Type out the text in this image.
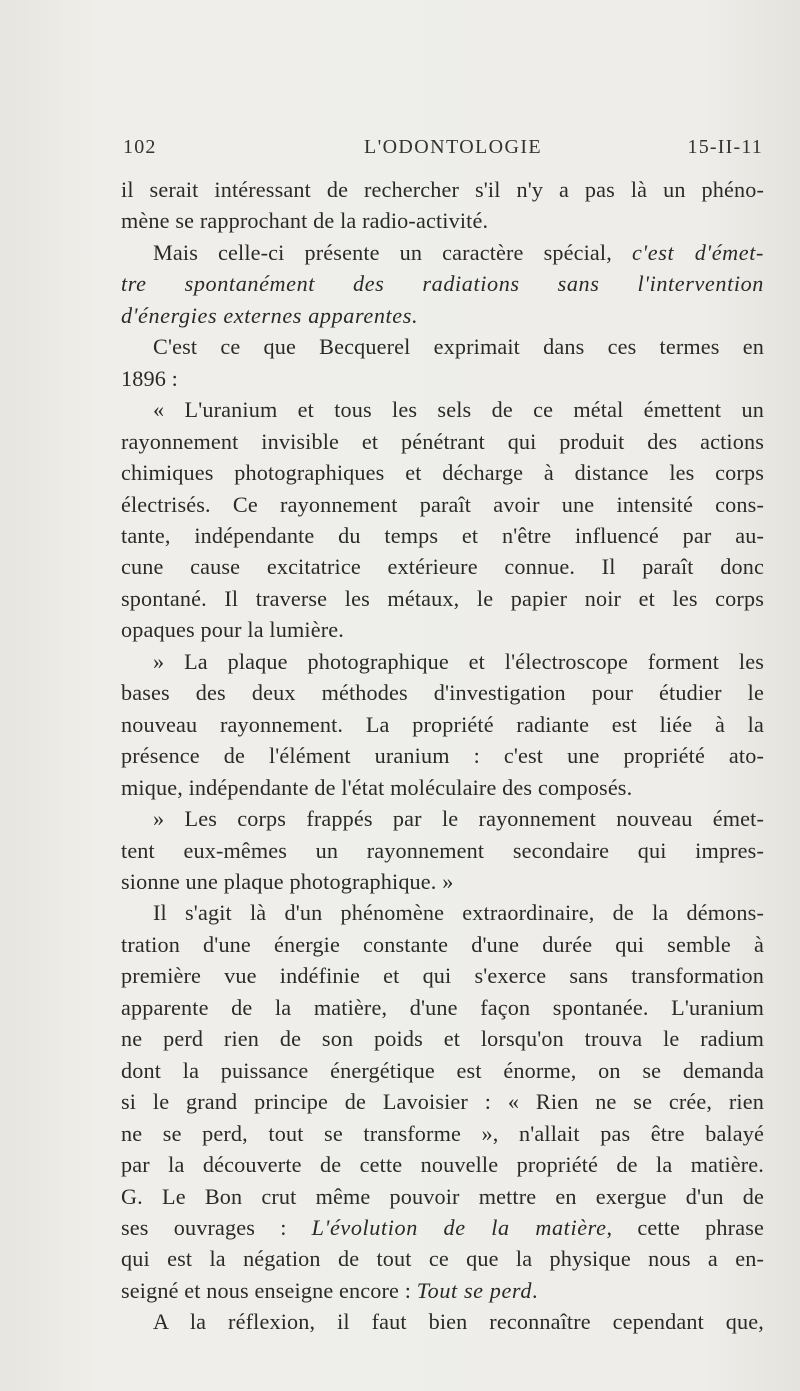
102	L'ODONTOLOGIE	15-II-11

il serait intéressant de rechercher s'il n'y a pas là un phéno-

mène se rapprochant de la radio-activité.

Mais celle-ci présente un caractère spécial, c'est d'émet-

tre spontanément des radiations sans l'intervention

d'énergies externes apparentes.

C'est ce que Becquerel exprimait dans ces termes en

1896 :

« L'uranium et tous les sels de ce métal émettent un

rayonnement invisible et pénétrant qui produit des actions

chimiques photographiques et décharge à distance les corps

électrisés. Ce rayonnement paraît avoir une intensité cons-

tante, indépendante du temps et n'être influencé par au-

cune cause excitatrice extérieure connue. Il paraît donc

spontané. Il traverse les métaux, le papier noir et les corps

opaques pour la lumière.

» La plaque photographique et l'électroscope forment les

bases des deux méthodes d'investigation pour étudier le

nouveau rayonnement. La propriété radiante est liée à la

présence de l'élément uranium : c'est une propriété ato-

mique, indépendante de l'état moléculaire des composés.

» Les corps frappés par le rayonnement nouveau émet-

tent eux-mêmes un rayonnement secondaire qui impres-

sionne une plaque photographique. »

Il s'agit là d'un phénomène extraordinaire, de la démons-

tration d'une énergie constante d'une durée qui semble à

première vue indéfinie et qui s'exerce sans transformation

apparente de la matière, d'une façon spontanée. L'uranium

ne perd rien de son poids et lorsqu'on trouva le radium

dont la puissance énergétique est énorme, on se demanda

si le grand principe de Lavoisier : « Rien ne se crée, rien

ne se perd, tout se transforme », n'allait pas être balayé

par la découverte de cette nouvelle propriété de la matière.

G. Le Bon crut même pouvoir mettre en exergue d'un de

ses ouvrages : L'évolution de la matière, cette phrase

qui est la négation de tout ce que la physique nous a en-

seigné et nous enseigne encore : Tout se perd.

A la réflexion, il faut bien reconnaître cependant que,
